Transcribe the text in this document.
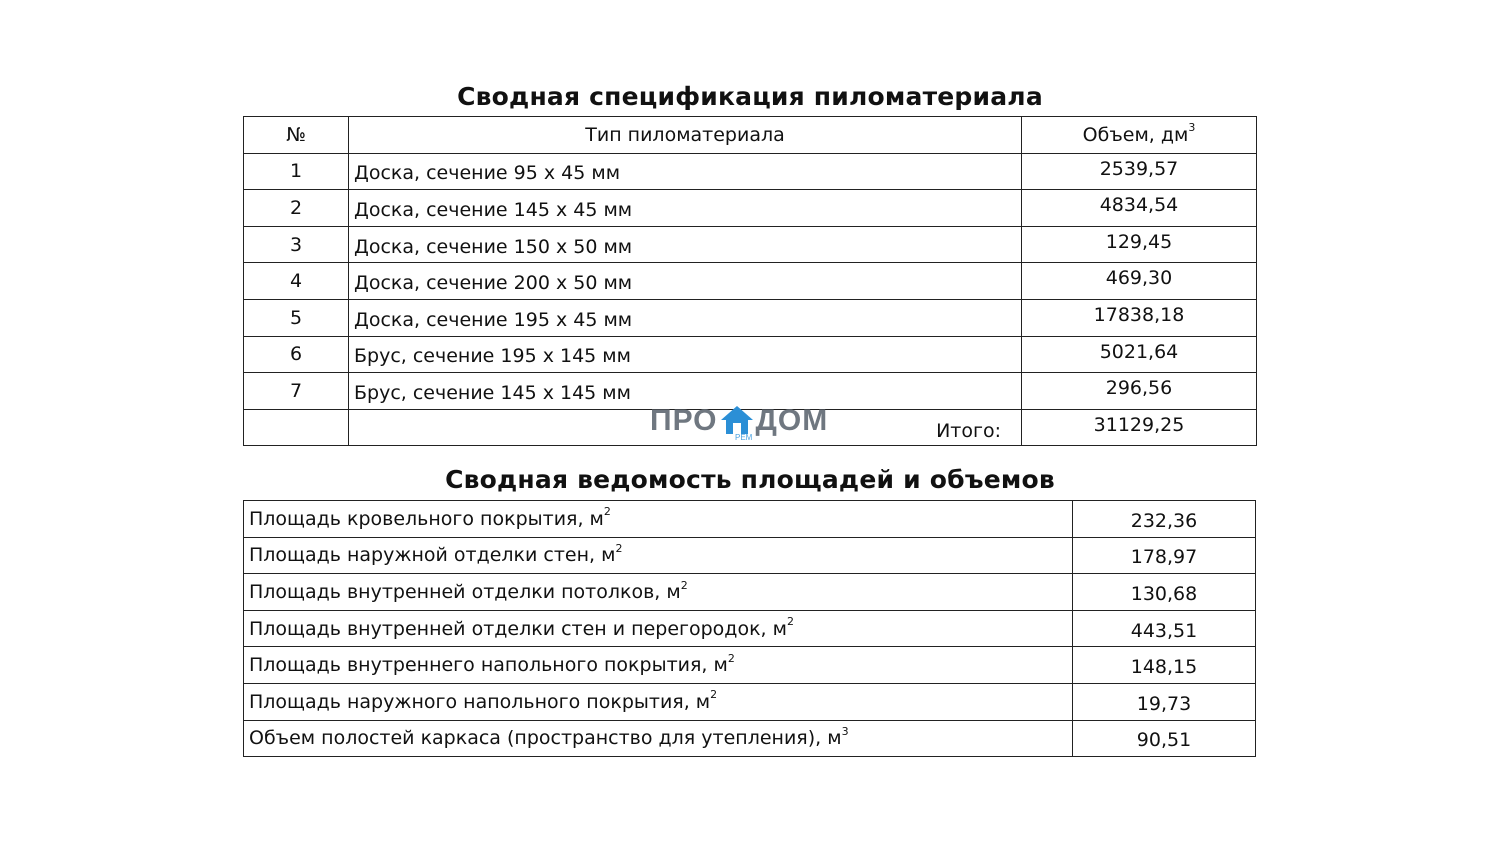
Сводная спецификация пиломатериала
№	Тип пиломатериала	Объем, $дм^3$
1	Доска, сечение 95 х 45 мм	2539,57
2	Доска, сечение 145 х 45 мм	4834,54
3	Доска, сечение 150 х 50 мм	129,45
4	Доска, сечение 200 х 50 мм	469,30
5	Доска, сечение 195 х 45 мм	17838,18
6	Брус, сечение 195 х 145 мм	5021,64
7	Брус, сечение 145 х 145 мм	296,56
	Итого:	31129,25
ПРО ДОМ
РЕМ
Сводная ведомость площадей и объемов
Площадь кровельного покрытия, $м^2$	232,36
Площадь наружной отделки стен, $м^2$	178,97
Площадь внутренней отделки потолков, $м^2$	130,68
Площадь внутренней отделки стен и перегородок, $м^2$	443,51
Площадь внутреннего напольного покрытия, $м^2$	148,15
Площадь наружного напольного покрытия, $м^2$	19,73
Объем полостей каркаса (пространство для утепления), $м^3$	90,51
